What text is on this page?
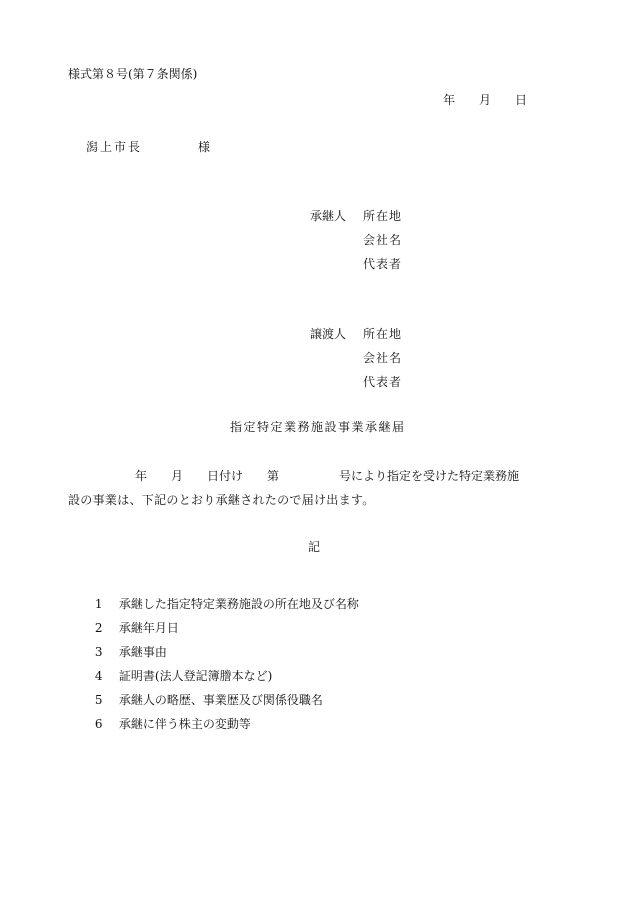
様式第８号(第７条関係)
年　　月　　日
潟上市長　　　　様
承継人 所在地
会社名
代表者
譲渡人 所在地
会社名
代表者
指定特定業務施設事業承継届
年　　月　　日付け　　第　　　　　号により指定を受けた特定業務施
設の事業は、下記のとおり承継されたので届け出ます。
記

1 承継した指定特定業務施設の所在地及び名称

2 承継年月日

3 承継事由

4 証明書(法人登記簿謄本など)

5 承継人の略歴、事業歴及び関係役職名

6 承継に伴う株主の変動等
